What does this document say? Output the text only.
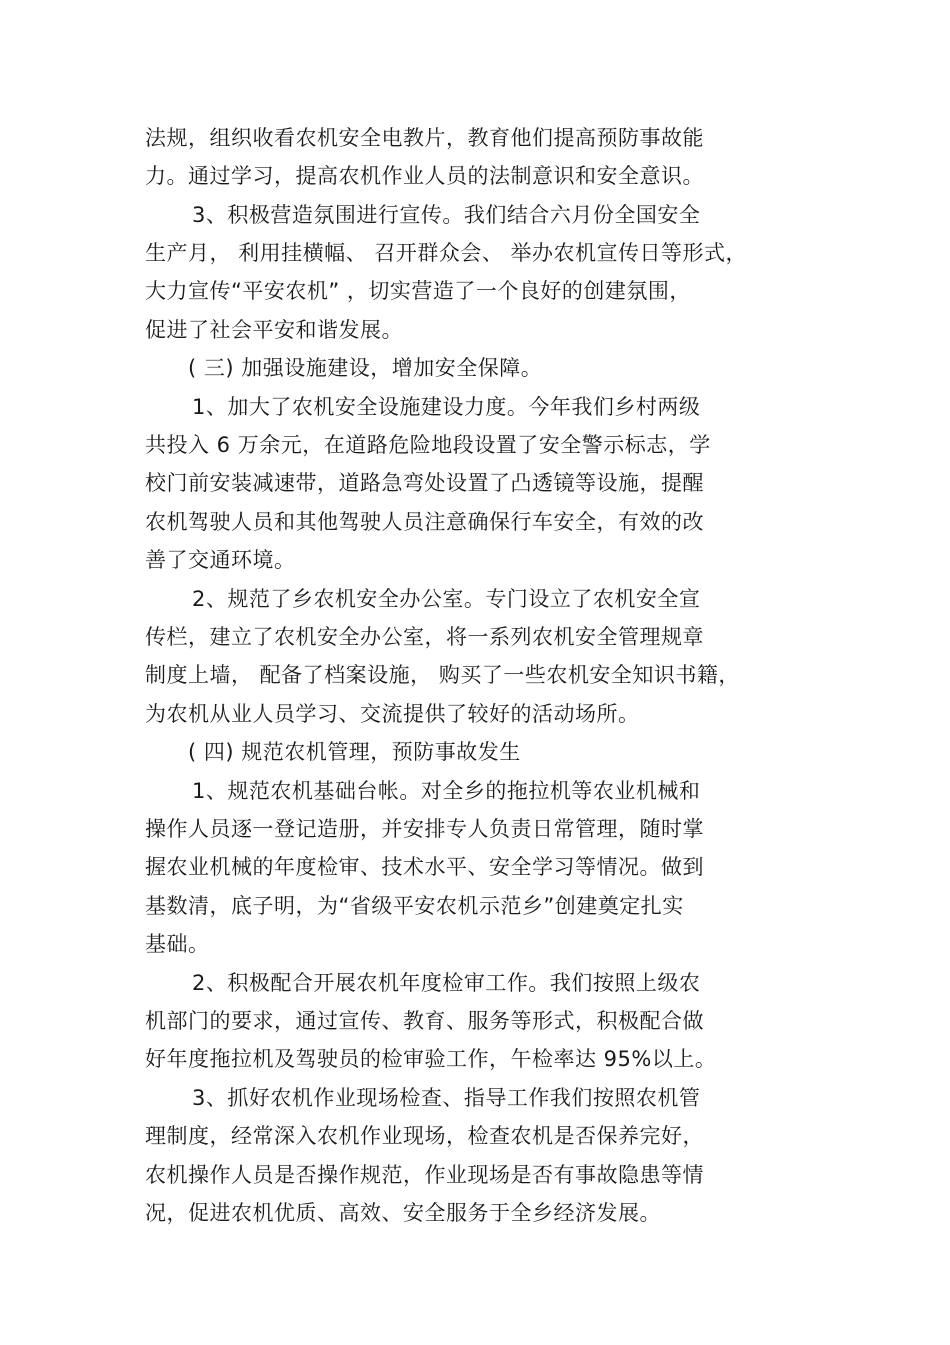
法规，组织收看农机安全电教片，教育他们提高预防事故能
力。通过学习，提高农机作业人员的法制意识和安全意识。
3、积极营造氛围进行宣传。我们结合六月份全国安全
生产月， 利用挂横幅、 召开群众会、 举办农机宣传日等形式，
大力宣传“平安农机” ，切实营造了一个良好的创建氛围，
促进了社会平安和谐发展。
( 三) 加强设施建设，增加安全保障。
1、加大了农机安全设施建设力度。今年我们乡村两级
共投入 6 万余元，在道路危险地段设置了安全警示标志，学
校门前安装减速带，道路急弯处设置了凸透镜等设施，提醒
农机驾驶人员和其他驾驶人员注意确保行车安全，有效的改
善了交通环境。
2、规范了乡农机安全办公室。专门设立了农机安全宣
传栏，建立了农机安全办公室，将一系列农机安全管理规章
制度上墙， 配备了档案设施， 购买了一些农机安全知识书籍，
为农机从业人员学习、交流提供了较好的活动场所。
( 四) 规范农机管理，预防事故发生
1、规范农机基础台帐。对全乡的拖拉机等农业机械和
操作人员逐一登记造册，并安排专人负责日常管理，随时掌
握农业机械的年度检审、技术水平、安全学习等情况。做到
基数清，底子明，为“省级平安农机示范乡”创建奠定扎实
基础。
2、积极配合开展农机年度检审工作。我们按照上级农
机部门的要求，通过宣传、教育、服务等形式，积极配合做
好年度拖拉机及驾驶员的检审验工作，午检率达 95%以上。
3、抓好农机作业现场检查、指导工作我们按照农机管
理制度，经常深入农机作业现场，检查农机是否保养完好，
农机操作人员是否操作规范，作业现场是否有事故隐患等情
况，促进农机优质、高效、安全服务于全乡经济发展。
